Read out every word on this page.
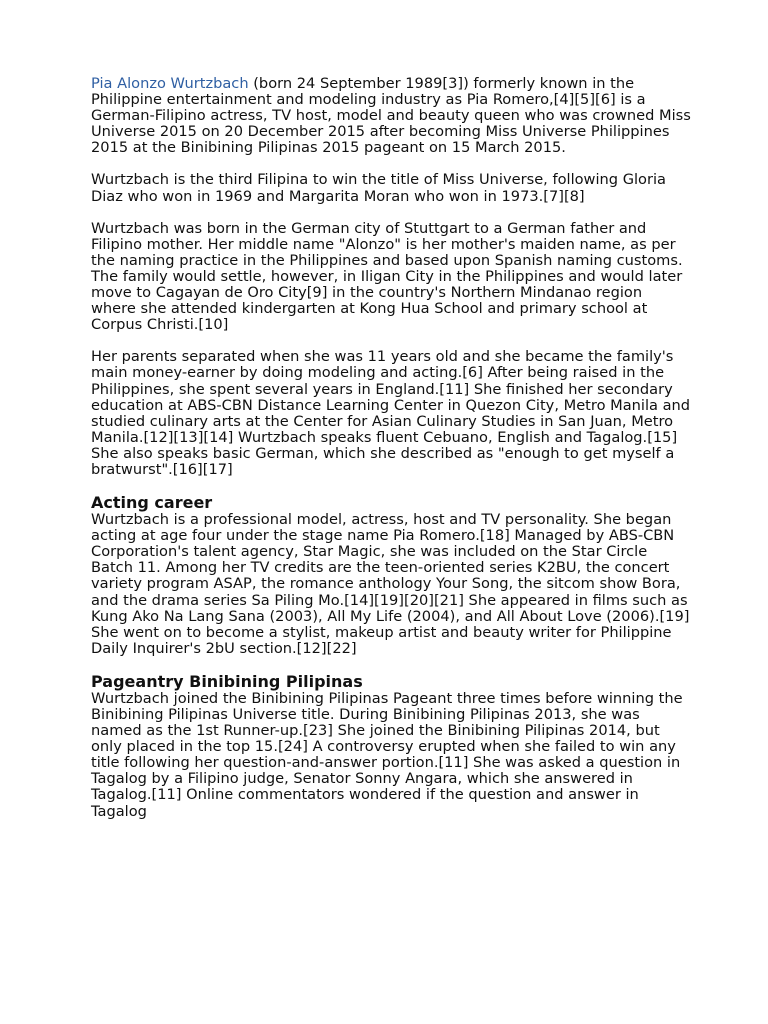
Pia Alonzo Wurtzbach (born 24 September 1989[3]) formerly known in the Philippine entertainment and modeling industry as Pia Romero,[4][5][6] is a German-Filipino actress, TV host, model and beauty queen who was crowned Miss Universe 2015 on 20 December 2015 after becoming Miss Universe Philippines 2015 at the Binibining Pilipinas 2015 pageant on 15 March 2015.

Wurtzbach is the third Filipina to win the title of Miss Universe, following Gloria Diaz who won in 1969 and Margarita Moran who won in 1973.[7][8]

Wurtzbach was born in the German city of Stuttgart to a German father and Filipino mother. Her middle name "Alonzo" is her mother's maiden name, as per the naming practice in the Philippines and based upon Spanish naming customs. The family would settle, however, in Iligan City in the Philippines and would later move to Cagayan de Oro City[9] in the country's Northern Mindanao region where she attended kindergarten at Kong Hua School and primary school at Corpus Christi.[10]

Her parents separated when she was 11 years old and she became the family's main money-earner by doing modeling and acting.[6] After being raised in the Philippines, she spent several years in England.[11] She finished her secondary education at ABS-CBN Distance Learning Center in Quezon City, Metro Manila and studied culinary arts at the Center for Asian Culinary Studies in San Juan, Metro Manila.[12][13][14] Wurtzbach speaks fluent Cebuano, English and Tagalog.[15] She also speaks basic German, which she described as "enough to get myself a bratwurst".[16][17]

Acting career

Wurtzbach is a professional model, actress, host and TV personality. She began acting at age four under the stage name Pia Romero.[18] Managed by ABS-CBN Corporation's talent agency, Star Magic, she was included on the Star Circle Batch 11. Among her TV credits are the teen-oriented series K2BU, the concert variety program ASAP, the romance anthology Your Song, the sitcom show Bora, and the drama series Sa Piling Mo.[14][19][20][21] She appeared in films such as Kung Ako Na Lang Sana (2003), All My Life (2004), and All About Love (2006).[19] She went on to become a stylist, makeup artist and beauty writer for Philippine Daily Inquirer's 2bU section.[12][22]

Pageantry Binibining Pilipinas

Wurtzbach joined the Binibining Pilipinas Pageant three times before winning the Binibining Pilipinas Universe title. During Binibining Pilipinas 2013, she was named as the 1st Runner-up.[23] She joined the Binibining Pilipinas 2014, but only placed in the top 15.[24] A controversy erupted when she failed to win any title following her question-and-answer portion.[11] She was asked a question in Tagalog by a Filipino judge, Senator Sonny Angara, which she answered in Tagalog.[11] Online commentators wondered if the question and answer in Tagalog
